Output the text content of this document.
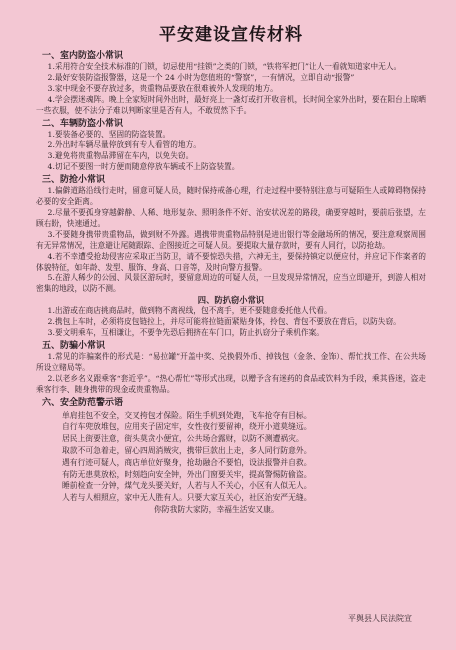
平安建设宣传材料
一、室内防盗小常识

1.采用符合安全技术标准的门锁，切忌使用“挂锁”之类的门锁，“铁将军把门”让人一看就知道家中无人。

2.最好安装防盗报警器，这是一个 24 小时为您值班的“警察”，一有情况，立即自动“报警”

3.家中现金不要存放过多，贵重物品要放在很难被外人发现的地方。

4.学会摆迷魂阵。晚上全家短时间外出时，最好亮上一盏灯或打开收音机，长时间全家外出时，要在阳台上晾晒一些衣服，使不法分子难以判断家里是否有人，不敢贸然下手。

二、车辆防盗小常识

1.要装备必要的、坚固的防盗装置。

2.外出时车辆尽量停放到有专人看管的地方。

3.避免将贵重物品滞留在车内，以免失窃。

4.切记不要图一时方便而随意停放车辆或不上防盗装置。

三、防抢小常识

1.偏僻道路沿线行走时，留意可疑人员，随时保持戒备心理，行走过程中要特别注意与可疑陌生人或障碍物保持必要的安全距离。

2.尽量不要孤身穿越僻静、人稀、地形复杂、照明条件不好、治安状况差的路段，确要穿越时，要前后张望，左顾右盼，快速通过。

3.不要随身携带贵重物品，做到财不外露。遇携带贵重物品特别是进出银行等金融场所的情况，要注意观察周围有无异常情况，注意避让尾随跟踪、企图接近之可疑人员。要提取大量存款时，要有人同行，以防抢劫。

4.若不幸遭受抢劫侵害应采取正当防卫，请不要惊恐失措，六神无主，要保持镇定以便应付，并应记下作案者的体貌特征，如年龄、发型、服饰、身高、口音等，及时向警方报警。

5.在游人稀少的公园、风景区游玩时，要留意周边的可疑人员，一旦发现异常情况，应当立即避开，到游人相对密集的地段，以防不测。

四、防扒窃小常识

1.出游或在商店挑商品时，做到物不离视线，包不离手，更不要随意委托他人代看。

2.携包上车时，必须将皮包链拉上，并尽可能将拉链面紧贴身体，拎包、背包不要放在背后，以防失窃。

3.要文明乘车，互相谦让，不要争先恐后拥挤在车门口，防止扒窃分子乘机作案。

五、防骗小常识

1.常见的诈骗案件的形式是：“易拉罐”开盖中奖、兑换假外币、掉钱包（金条、金饰）、帮忙找工作、在公共场所设立赌局等。

2.以老乡名义跟乘客“套近乎”。“热心帮忙”等形式出现，以赠予含有迷药的食品或饮料为手段，乘其昏迷，盗走乘客行李、随身携带的现金或贵重物品。

六、安全防范警示语
单肩挂包不安全，交叉挎包才保险。陌生手机到处跑，飞车抢夺有目标。
自行车兜放堆包，应用夹子固定牢，女性夜行要留神，绕开小道莫缝远。
居民上街要注意，街头莫贪小便宜，公共场合露财，以防不测遭祸灾。
取款不可急着走，留心四周消贼灾，携带巨款出上走，多人同行防意外。
遇有行迹可疑人，商店单位好聚身，抢劫融合不要怕，设法报警并自救。
有防无患莫放松，时刻趋向安全钟，外出门窗要关牢，提高警惕防偷盗。
睡前检查一分钟，煤气龙头要关好，人若与人不关心，小区有人似无人。
人若与人相照应，家中无人胜有人。只要大家互关心，社区治安严无缝。
你防我防大家防，幸福生活安又康。
平舆县人民法院宣
